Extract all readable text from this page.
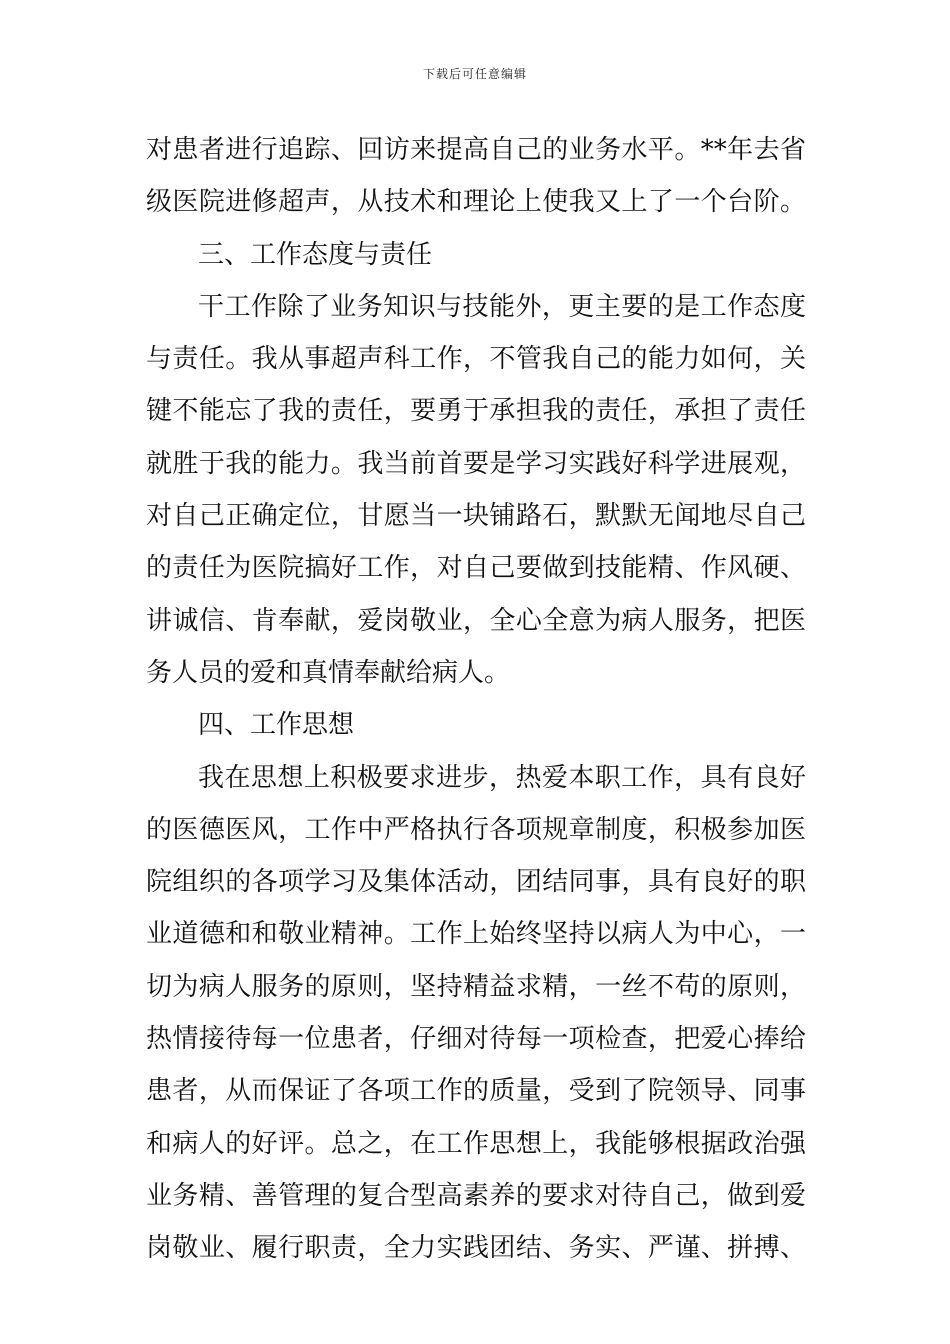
下载后可任意编辑
对患者进行追踪、回访来提高自己的业务水平。**年去省
级医院进修超声，从技术和理论上使我又上了一个台阶。
三、工作态度与责任
干工作除了业务知识与技能外，更主要的是工作态度
与责任。我从事超声科工作，不管我自己的能力如何，关
键不能忘了我的责任，要勇于承担我的责任，承担了责任
就胜于我的能力。我当前首要是学习实践好科学进展观，
对自己正确定位，甘愿当一块铺路石，默默无闻地尽自己
的责任为医院搞好工作，对自己要做到技能精、作风硬、
讲诚信、肯奉献，爱岗敬业，全心全意为病人服务，把医
务人员的爱和真情奉献给病人。
四、工作思想
我在思想上积极要求进步，热爱本职工作，具有良好
的医德医风，工作中严格执行各项规章制度，积极参加医
院组织的各项学习及集体活动，团结同事，具有良好的职
业道德和和敬业精神。工作上始终坚持以病人为中心，一
切为病人服务的原则，坚持精益求精，一丝不苟的原则，
热情接待每一位患者，仔细对待每一项检查，把爱心捧给
患者，从而保证了各项工作的质量，受到了院领导、同事
和病人的好评。总之，在工作思想上，我能够根据政治强
业务精、善管理的复合型高素养的要求对待自己，做到爱
岗敬业、履行职责，全力实践团结、务实、严谨、拼搏、
